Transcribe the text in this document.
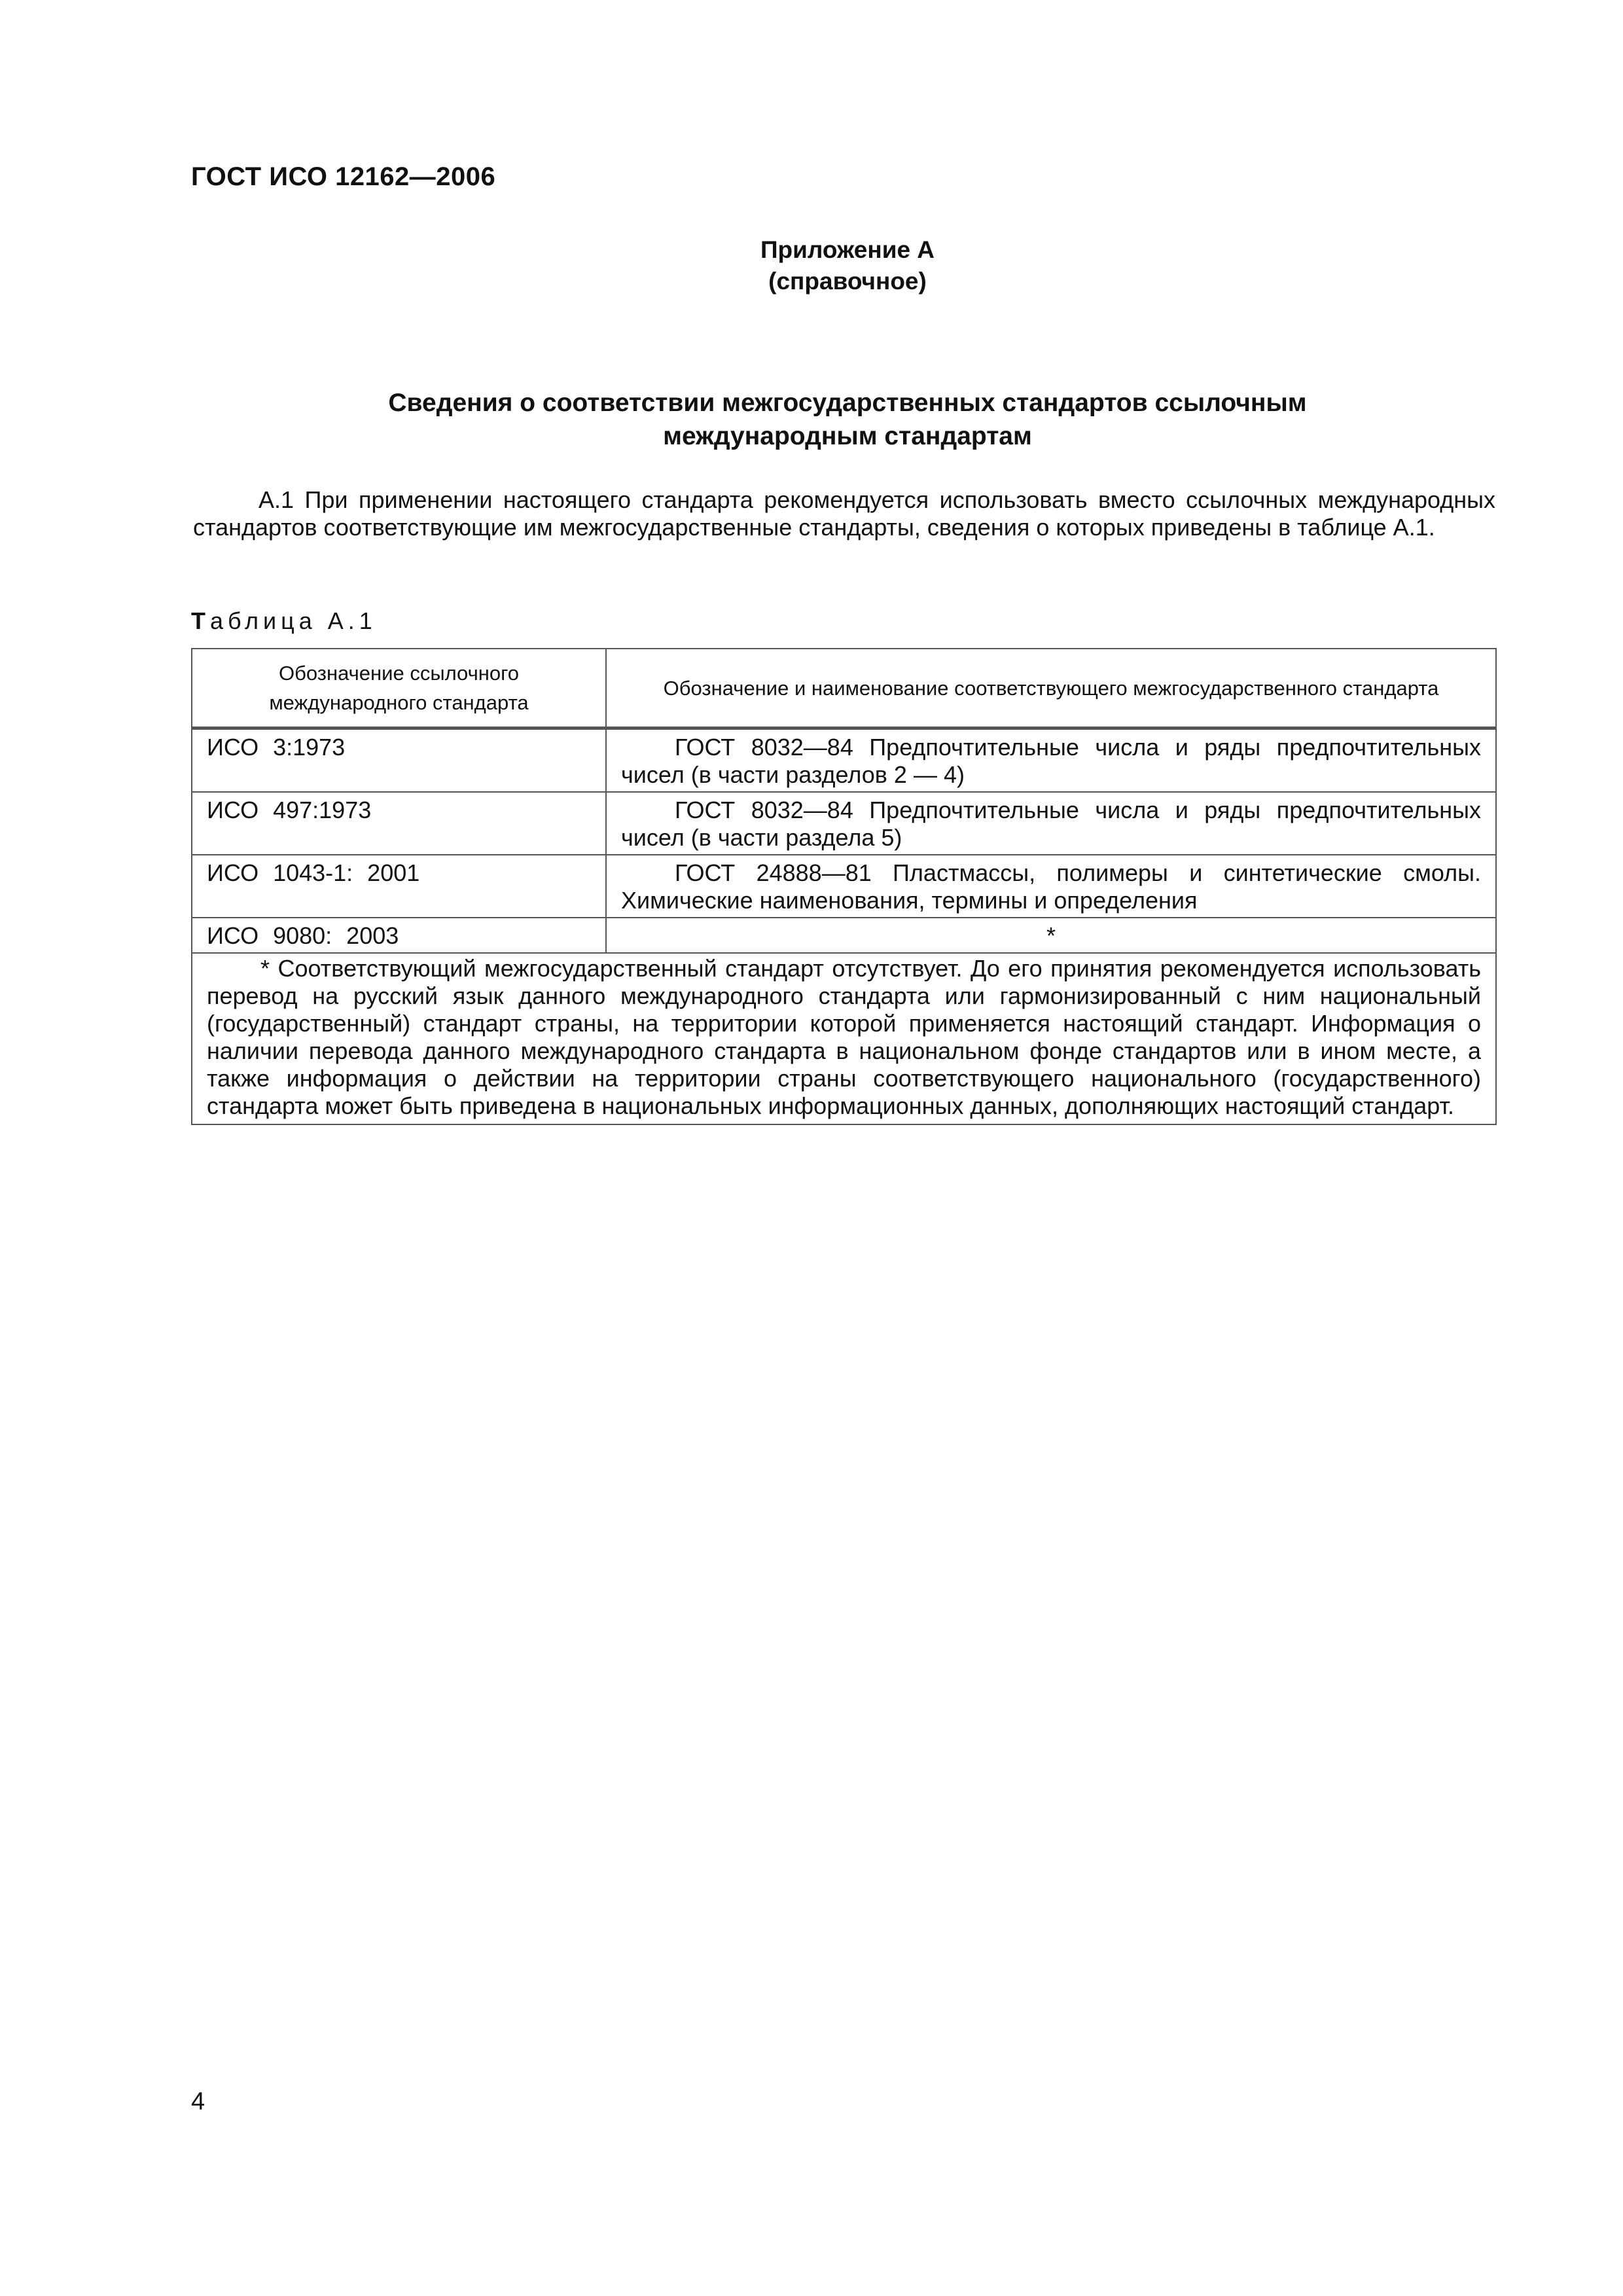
ГОСТ ИСО 12162—2006
Приложение А
(справочное)
Сведения о соответствии межгосударственных стандартов ссылочным
международным стандартам

А.1 При применении настоящего стандарта рекомендуется использовать вместо ссылочных международных стандартов соответствующие им межгосударственные стандарты, сведения о которых приведены в таблице А.1.

Таблица А.1
Обозначение ссылочного международного стандарта	Обозначение и наименование соответствующего межгосударственного стандарта
ИСО 3:1973	ГОСТ 8032—84 Предпочтительные числа и ряды предпочтительных чисел (в части разделов 2 — 4)
ИСО 497:1973	ГОСТ 8032—84 Предпочтительные числа и ряды предпочтительных чисел (в части раздела 5)
ИСО 1043-1: 2001	ГОСТ 24888—81 Пластмассы, полимеры и синтетические смолы. Химические наименования, термины и определения
ИСО 9080: 2003	*
* Соответствующий межгосударственный стандарт отсутствует. До его принятия рекомендуется использовать перевод на русский язык данного международного стандарта или гармонизированный с ним национальный (государственный) стандарт страны, на территории которой применяется настоящий стандарт. Информация о наличии перевода данного международного стандарта в национальном фонде стандартов или в ином месте, а также информация о действии на территории страны соответствующего национального (государственного) стандарта может быть приведена в национальных информационных данных, дополняющих настоящий стандарт.	
4
